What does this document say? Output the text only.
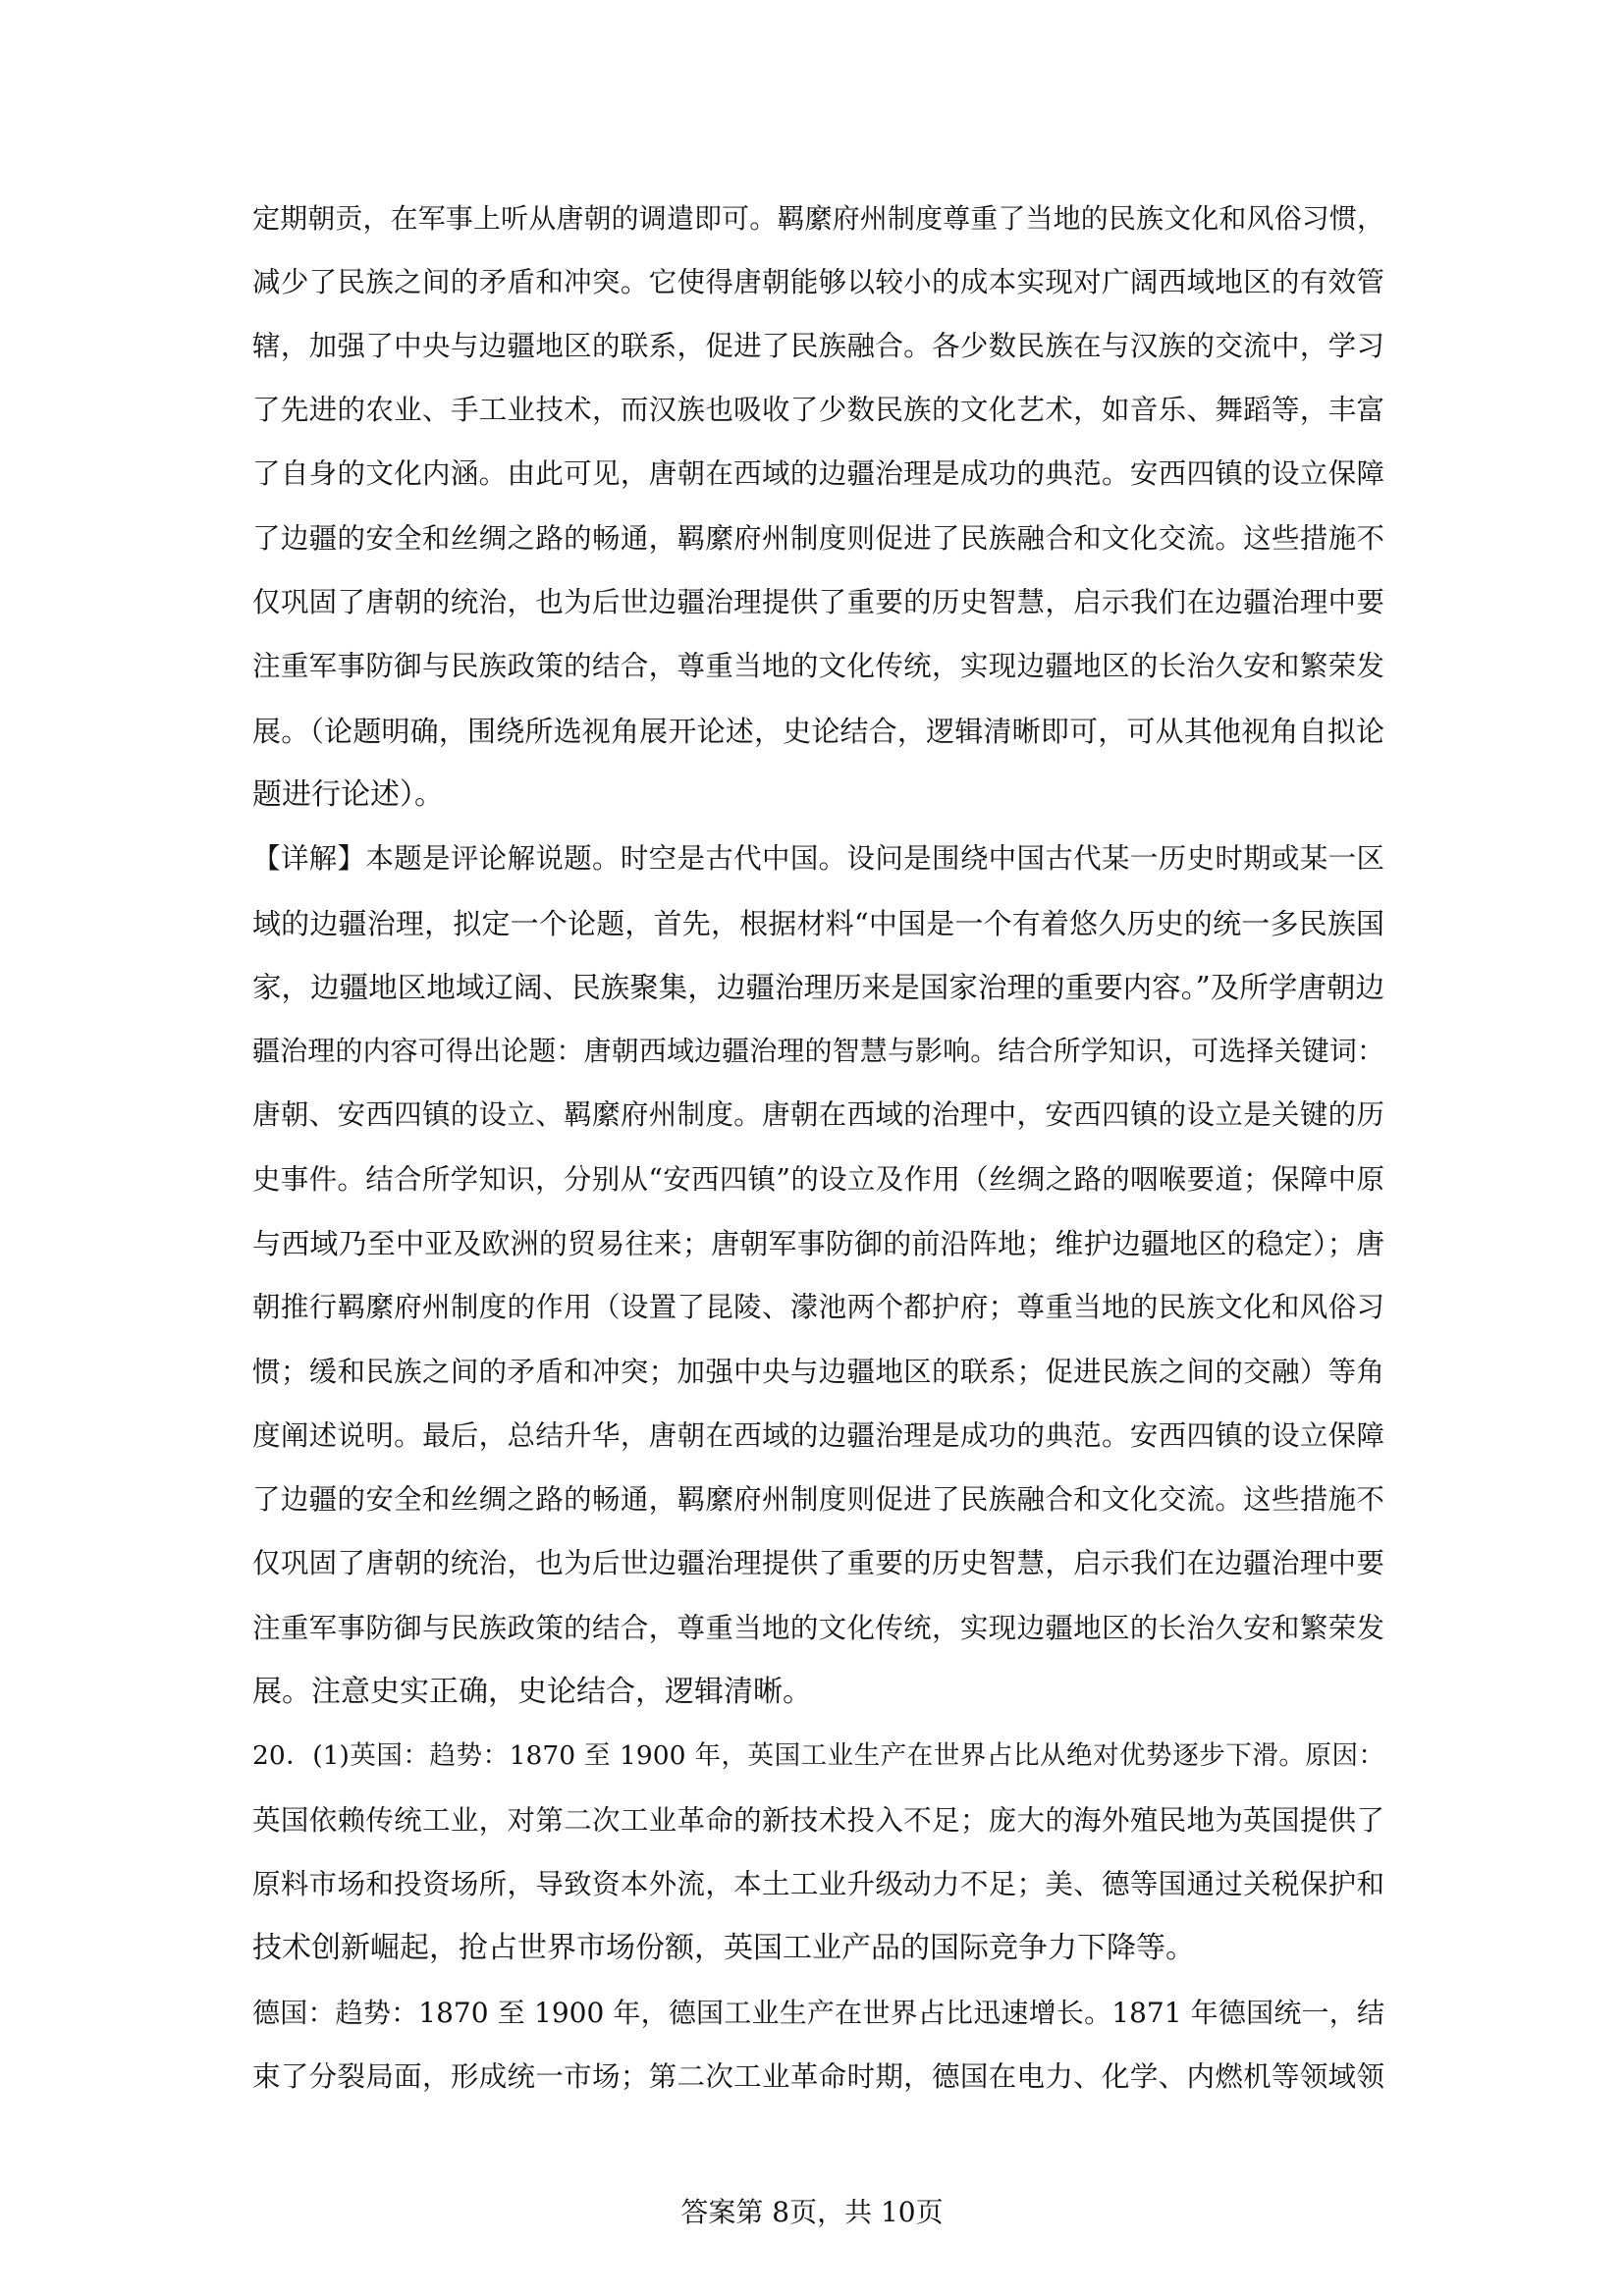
定期朝贡，在军事上听从唐朝的调遣即可。羁縻府州制度尊重了当地的民族文化和风俗习惯，
减少了民族之间的矛盾和冲突。它使得唐朝能够以较小的成本实现对广阔西域地区的有效管
辖，加强了中央与边疆地区的联系，促进了民族融合。各少数民族在与汉族的交流中，学习
了先进的农业、手工业技术，而汉族也吸收了少数民族的文化艺术，如音乐、舞蹈等，丰富
了自身的文化内涵。由此可见，唐朝在西域的边疆治理是成功的典范。安西四镇的设立保障
了边疆的安全和丝绸之路的畅通，羁縻府州制度则促进了民族融合和文化交流。这些措施不
仅巩固了唐朝的统治，也为后世边疆治理提供了重要的历史智慧，启示我们在边疆治理中要
注重军事防御与民族政策的结合，尊重当地的文化传统，实现边疆地区的长治久安和繁荣发
展。（论题明确，围绕所选视角展开论述，史论结合，逻辑清晰即可，可从其他视角自拟论
题进行论述）。
【详解】本题是评论解说题。时空是古代中国。设问是围绕中国古代某一历史时期或某一区
域的边疆治理，拟定一个论题，首先，根据材料“中国是一个有着悠久历史的统一多民族国
家，边疆地区地域辽阔、民族聚集，边疆治理历来是国家治理的重要内容。”及所学唐朝边
疆治理的内容可得出论题：唐朝西域边疆治理的智慧与影响。结合所学知识，可选择关键词：
唐朝、安西四镇的设立、羁縻府州制度。唐朝在西域的治理中，安西四镇的设立是关键的历
史事件。结合所学知识，分别从“安西四镇”的设立及作用（丝绸之路的咽喉要道；保障中原
与西域乃至中亚及欧洲的贸易往来；唐朝军事防御的前沿阵地；维护边疆地区的稳定）；唐
朝推行羁縻府州制度的作用（设置了昆陵、濛池两个都护府；尊重当地的民族文化和风俗习
惯；缓和民族之间的矛盾和冲突；加强中央与边疆地区的联系；促进民族之间的交融）等角
度阐述说明。最后，总结升华，唐朝在西域的边疆治理是成功的典范。安西四镇的设立保障
了边疆的安全和丝绸之路的畅通，羁縻府州制度则促进了民族融合和文化交流。这些措施不
仅巩固了唐朝的统治，也为后世边疆治理提供了重要的历史智慧，启示我们在边疆治理中要
注重军事防御与民族政策的结合，尊重当地的文化传统，实现边疆地区的长治久安和繁荣发
展。注意史实正确，史论结合，逻辑清晰。
20．(1)英国：趋势：1870 至 1900 年，英国工业生产在世界占比从绝对优势逐步下滑。原因：
英国依赖传统工业，对第二次工业革命的新技术投入不足；庞大的海外殖民地为英国提供了
原料市场和投资场所，导致资本外流，本土工业升级动力不足；美、德等国通过关税保护和
技术创新崛起，抢占世界市场份额，英国工业产品的国际竞争力下降等。
德国：趋势：1870 至 1900 年，德国工业生产在世界占比迅速增长。1871 年德国统一，结
束了分裂局面，形成统一市场；第二次工业革命时期，德国在电力、化学、内燃机等领域领
答案第 8页，共 10页
